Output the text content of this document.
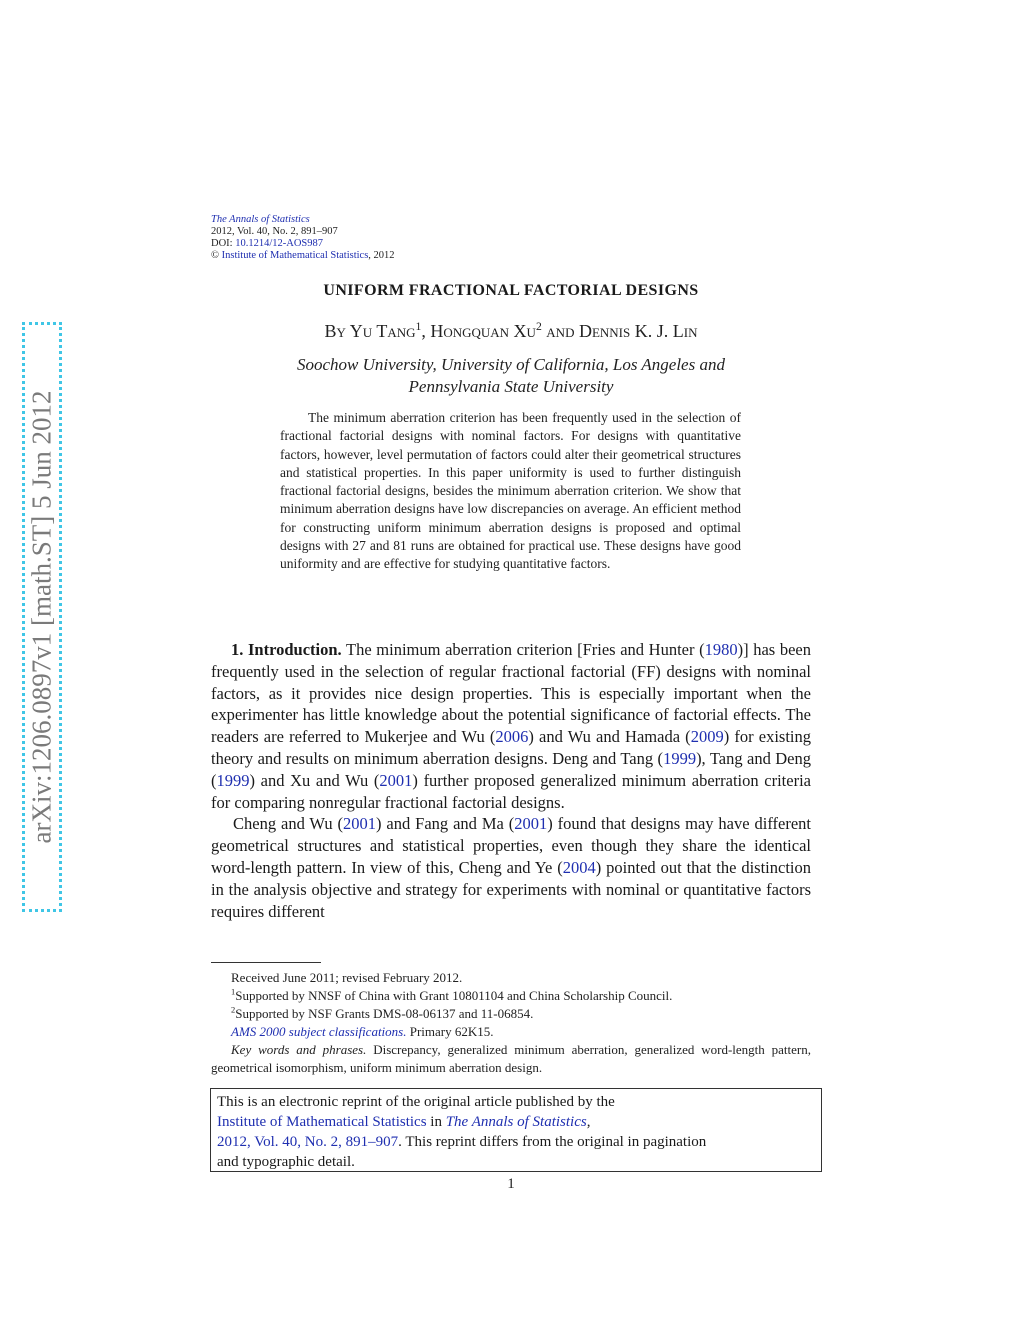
arXiv:1206.0897v1 [math.ST] 5 Jun 2012
The Annals of Statistics
2012, Vol. 40, No. 2, 891–907
DOI: 10.1214/12-AOS987
© Institute of Mathematical Statistics, 2012
UNIFORM FRACTIONAL FACTORIAL DESIGNS
By Yu Tang$^1$, Hongquan Xu$^2$ and Dennis K. J. Lin
Soochow University, University of California, Los Angeles and
Pennsylvania State University
The minimum aberration criterion has been frequently used in the selection of fractional factorial designs with nominal factors. For designs with quantitative factors, however, level permutation of factors could alter their geometrical structures and statistical properties. In this paper uniformity is used to further distinguish fractional factorial designs, besides the minimum aberration criterion. We show that minimum aberration designs have low discrepancies on average. An efficient method for constructing uniform minimum aberration designs is proposed and optimal designs with 27 and 81 runs are obtained for practical use. These designs have good uniformity and are effective for studying quantitative factors.

1. Introduction. The minimum aberration criterion [Fries and Hunter (1980)] has been frequently used in the selection of regular fractional factorial (FF) designs with nominal factors, as it provides nice design properties. This is especially important when the experimenter has little knowledge about the potential significance of factorial effects. The readers are referred to Mukerjee and Wu (2006) and Wu and Hamada (2009) for existing theory and results on minimum aberration designs. Deng and Tang (1999), Tang and Deng (1999) and Xu and Wu (2001) further proposed generalized minimum aberration criteria for comparing nonregular fractional factorial designs.

Cheng and Wu (2001) and Fang and Ma (2001) found that designs may have different geometrical structures and statistical properties, even though they share the identical word-length pattern. In view of this, Cheng and Ye (2004) pointed out that the distinction in the analysis objective and strategy for experiments with nominal or quantitative factors requires different

Received June 2011; revised February 2012.
$^1$Supported by NNSF of China with Grant 10801104 and China Scholarship Council.
$^2$Supported by NSF Grants DMS-08-06137 and 11-06854.
AMS 2000 subject classifications. Primary 62K15.
Key words and phrases. Discrepancy, generalized minimum aberration, generalized word-length pattern, geometrical isomorphism, uniform minimum aberration design.
This is an electronic reprint of the original article published by the
Institute of Mathematical Statistics in The Annals of Statistics,
2012, Vol. 40, No. 2, 891–907. This reprint differs from the original in pagination
and typographic detail.
1
